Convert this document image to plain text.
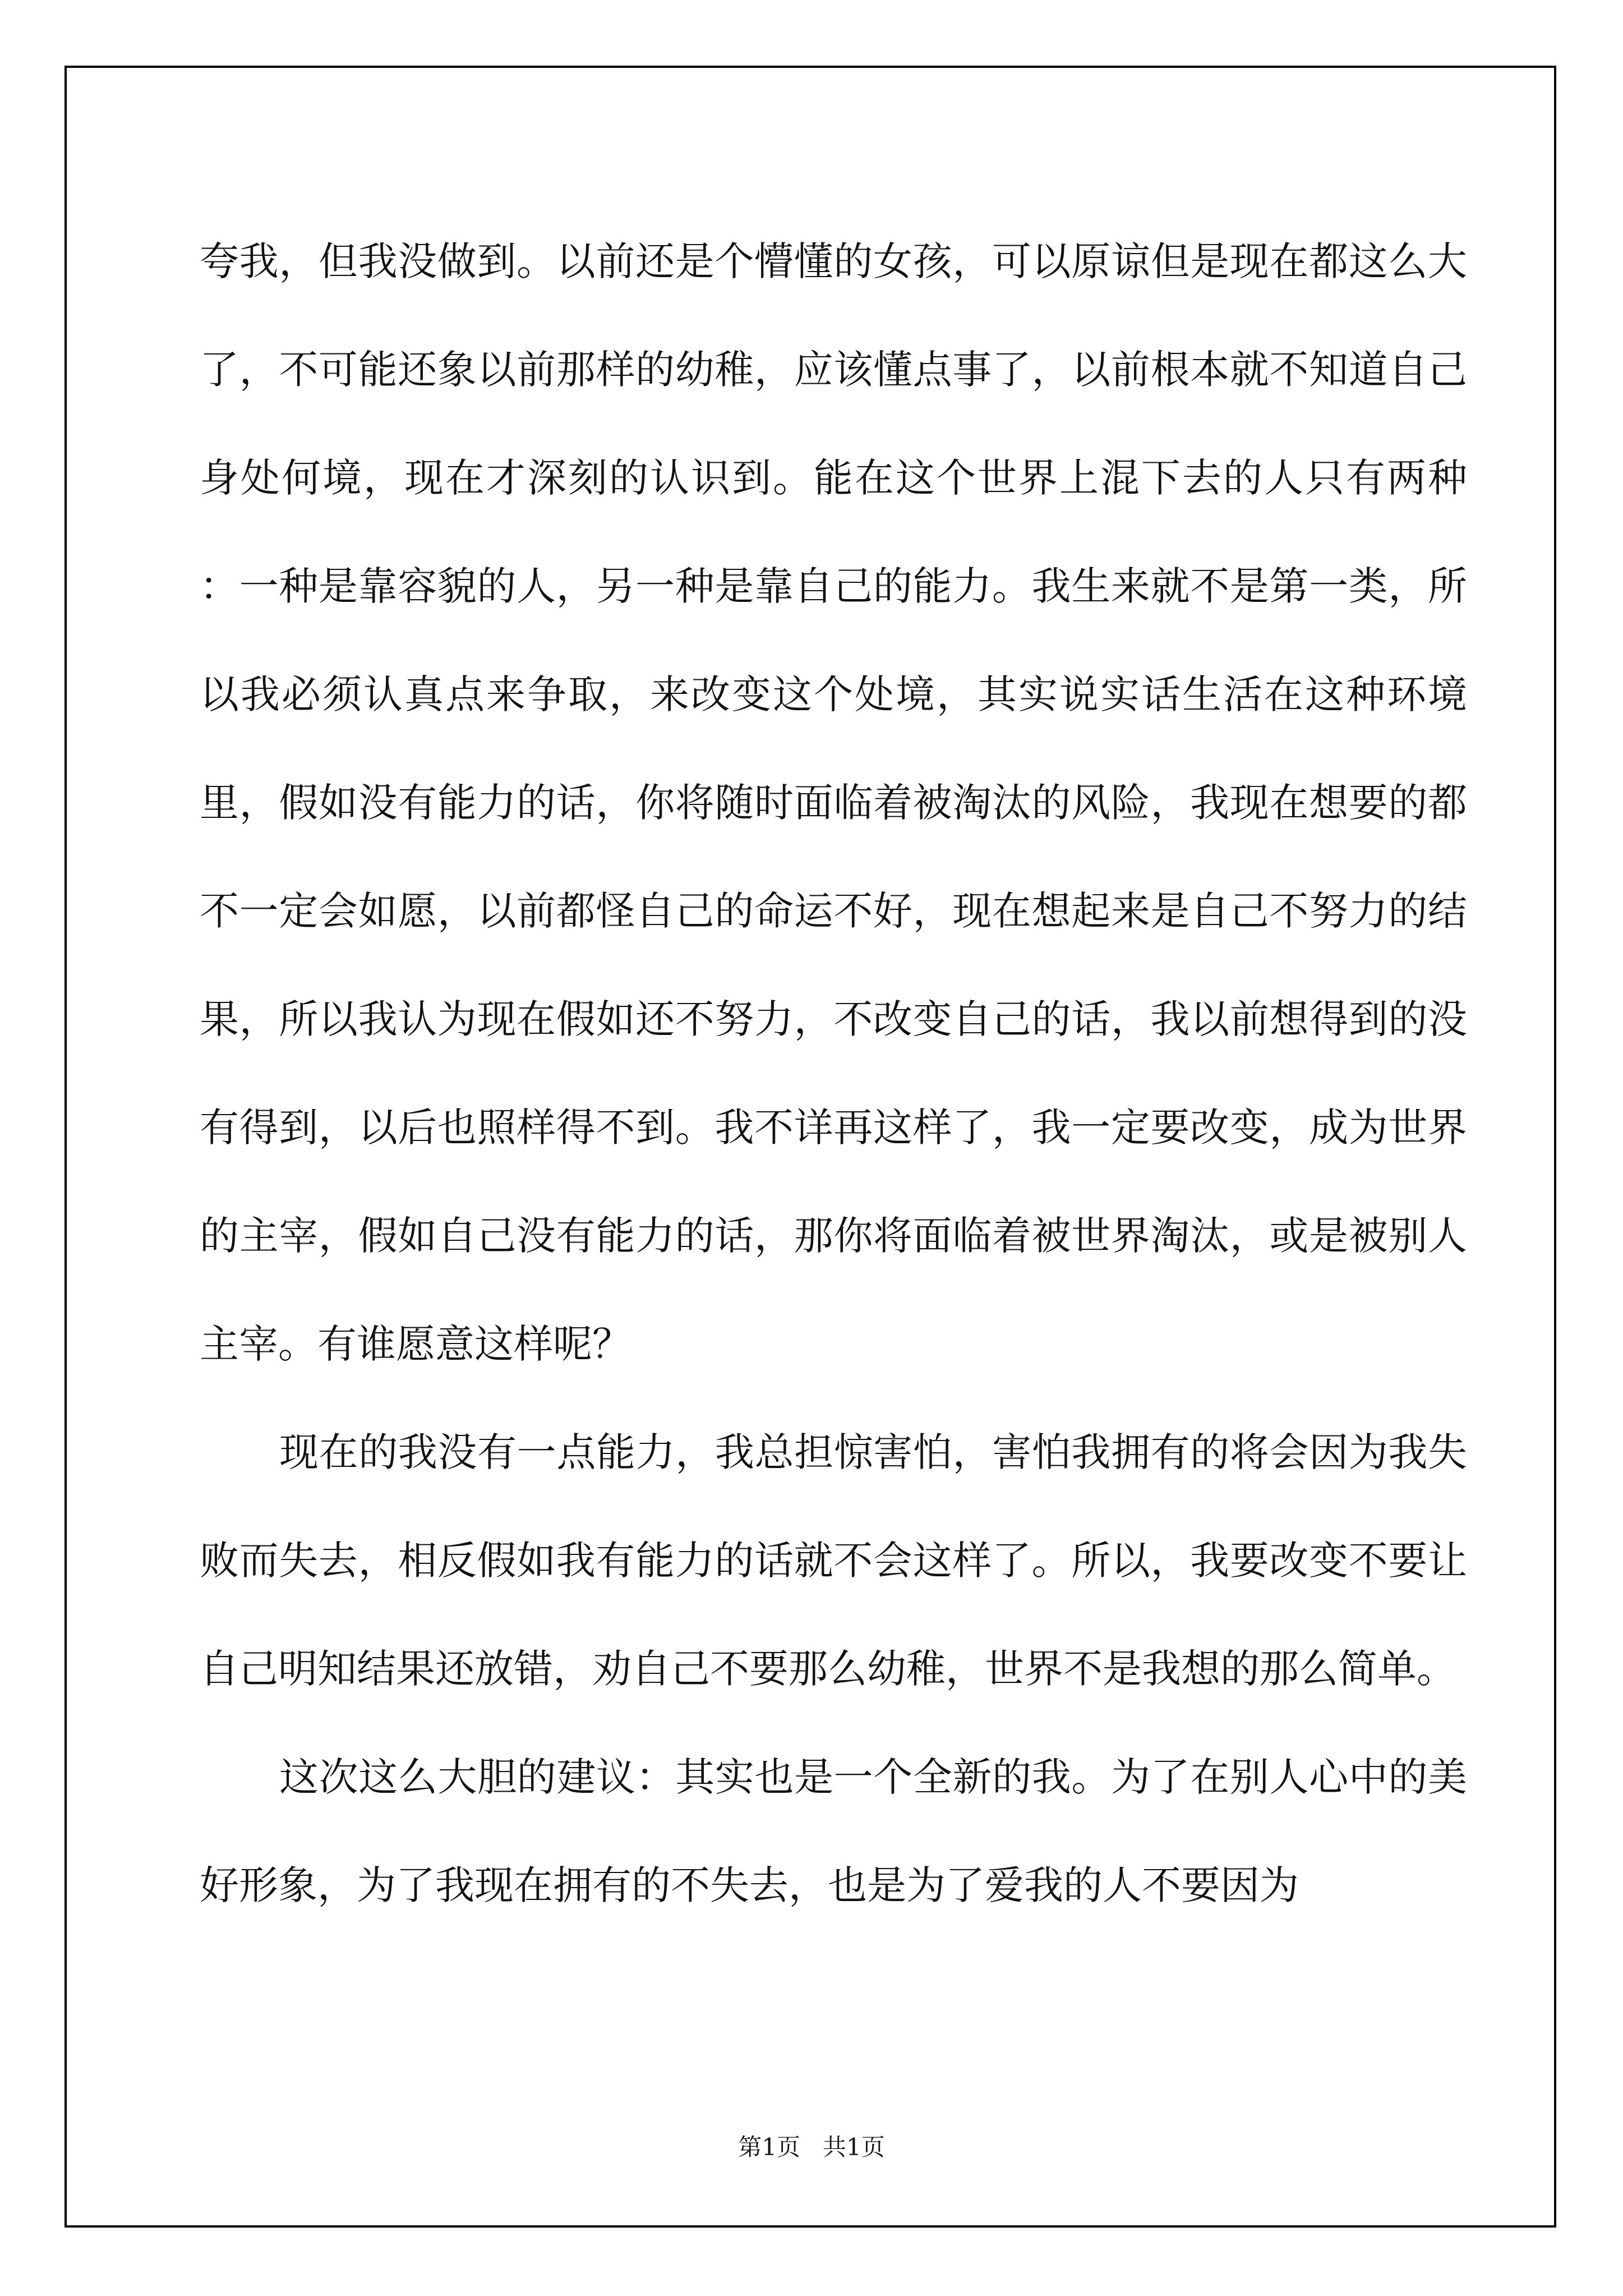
夸我，但我没做到。以前还是个懵懂的女孩，可以原谅但是现在都这么大了，不可能还象以前那样的幼稚，应该懂点事了，以前根本就不知道自己身处何境，现在才深刻的认识到。能在这个世界上混下去的人只有两种 ：一种是靠容貌的人，另一种是靠自己的能力。我生来就不是第一类，所以我必须认真点来争取，来改变这个处境，其实说实话生活在这种环境里，假如没有能力的话，你将随时面临着被淘汰的风险，我现在想要的都不一定会如愿，以前都怪自己的命运不好，现在想起来是自己不努力的结果，所以我认为现在假如还不努力，不改变自己的话，我以前想得到的没有得到，以后也照样得不到。我不详再这样了，我一定要改变，成为世界的主宰，假如自己没有能力的话，那你将面临着被世界淘汰，或是被别人主宰。有谁愿意这样呢？

现在的我没有一点能力，我总担惊害怕，害怕我拥有的将会因为我失败而失去，相反假如我有能力的话就不会这样了。所以，我要改变不要让自己明知结果还放错，劝自己不要那么幼稚，世界不是我想的那么简单。

这次这么大胆的建议：其实也是一个全新的我。为了在别人心中的美好形象，为了我现在拥有的不失去，也是为了爱我的人不要因为

第1页   共1页
